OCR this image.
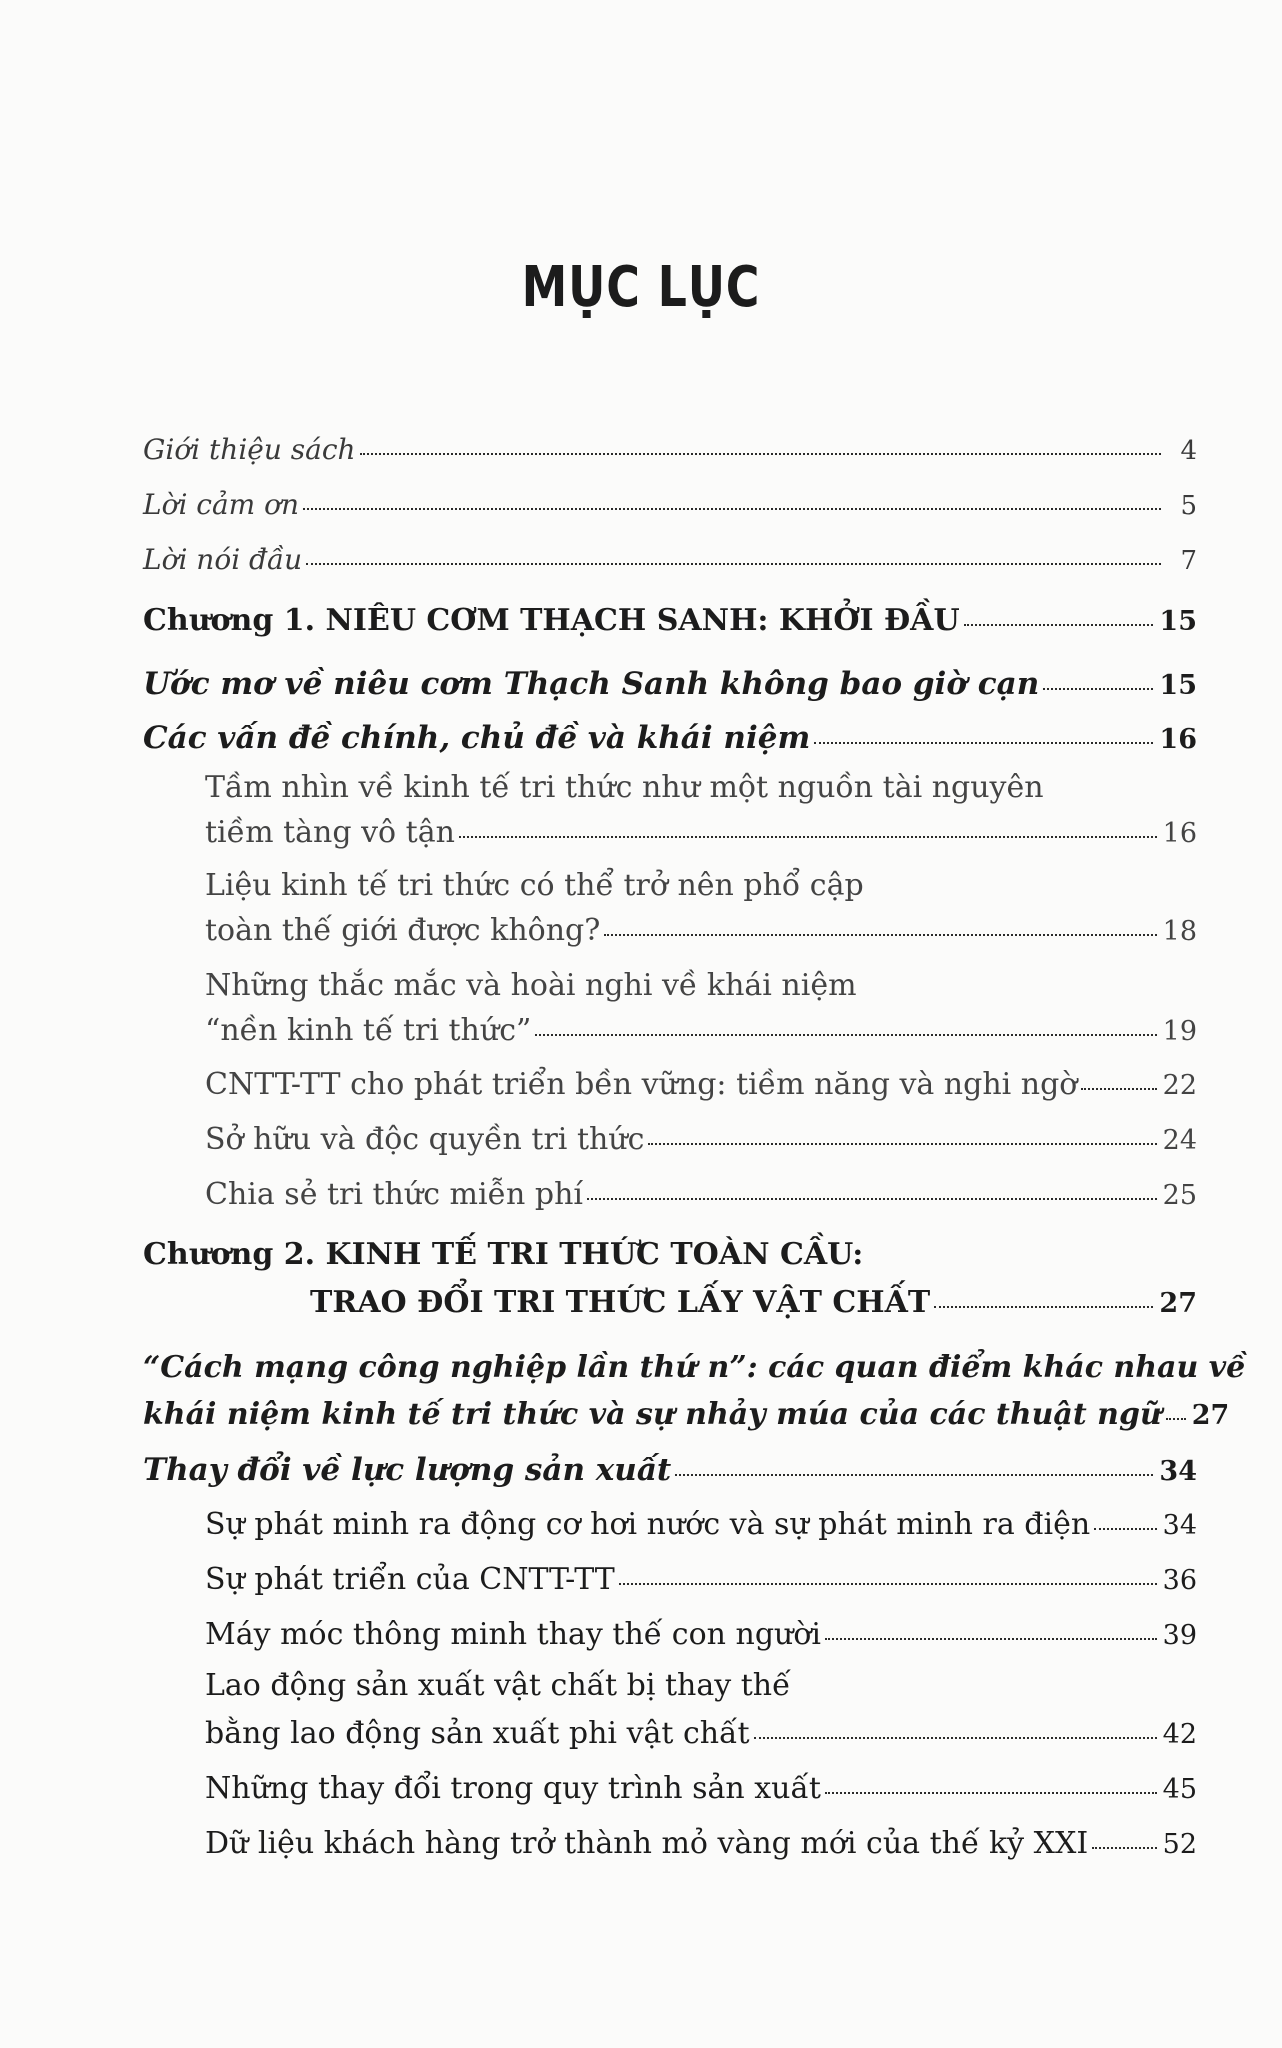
MỤC LỤC
Giới thiệu sách	4
Lời cảm ơn	5
Lời nói đầu	7
Chương 1. NIÊU CƠM THẠCH SANH: KHỞI ĐẦU	15
Ước mơ về niêu cơm Thạch Sanh không bao giờ cạn	15
Các vấn đề chính, chủ đề và khái niệm	16
Tầm nhìn về kinh tế tri thức như một nguồn tài nguyên
tiềm tàng vô tận	16
Liệu kinh tế tri thức có thể trở nên phổ cập
toàn thế giới được không?	18
Những thắc mắc và hoài nghi về khái niệm
“nền kinh tế tri thức”	19
CNTT-TT cho phát triển bền vững: tiềm năng và nghi ngờ	22
Sở hữu và độc quyền tri thức	24
Chia sẻ tri thức miễn phí	25
Chương 2. KINH TẾ TRI THỨC TOÀN CẦU:
TRAO ĐỔI TRI THỨC LẤY VẬT CHẤT	27
“Cách mạng công nghiệp lần thứ n”: các quan điểm khác nhau về
khái niệm kinh tế tri thức và sự nhảy múa của các thuật ngữ 27
Thay đổi về lực lượng sản xuất	34
Sự phát minh ra động cơ hơi nước và sự phát minh ra điện	34
Sự phát triển của CNTT-TT	36
Máy móc thông minh thay thế con người	39
Lao động sản xuất vật chất bị thay thế
bằng lao động sản xuất phi vật chất	42
Những thay đổi trong quy trình sản xuất	45
Dữ liệu khách hàng trở thành mỏ vàng mới của thế kỷ XXI	52
